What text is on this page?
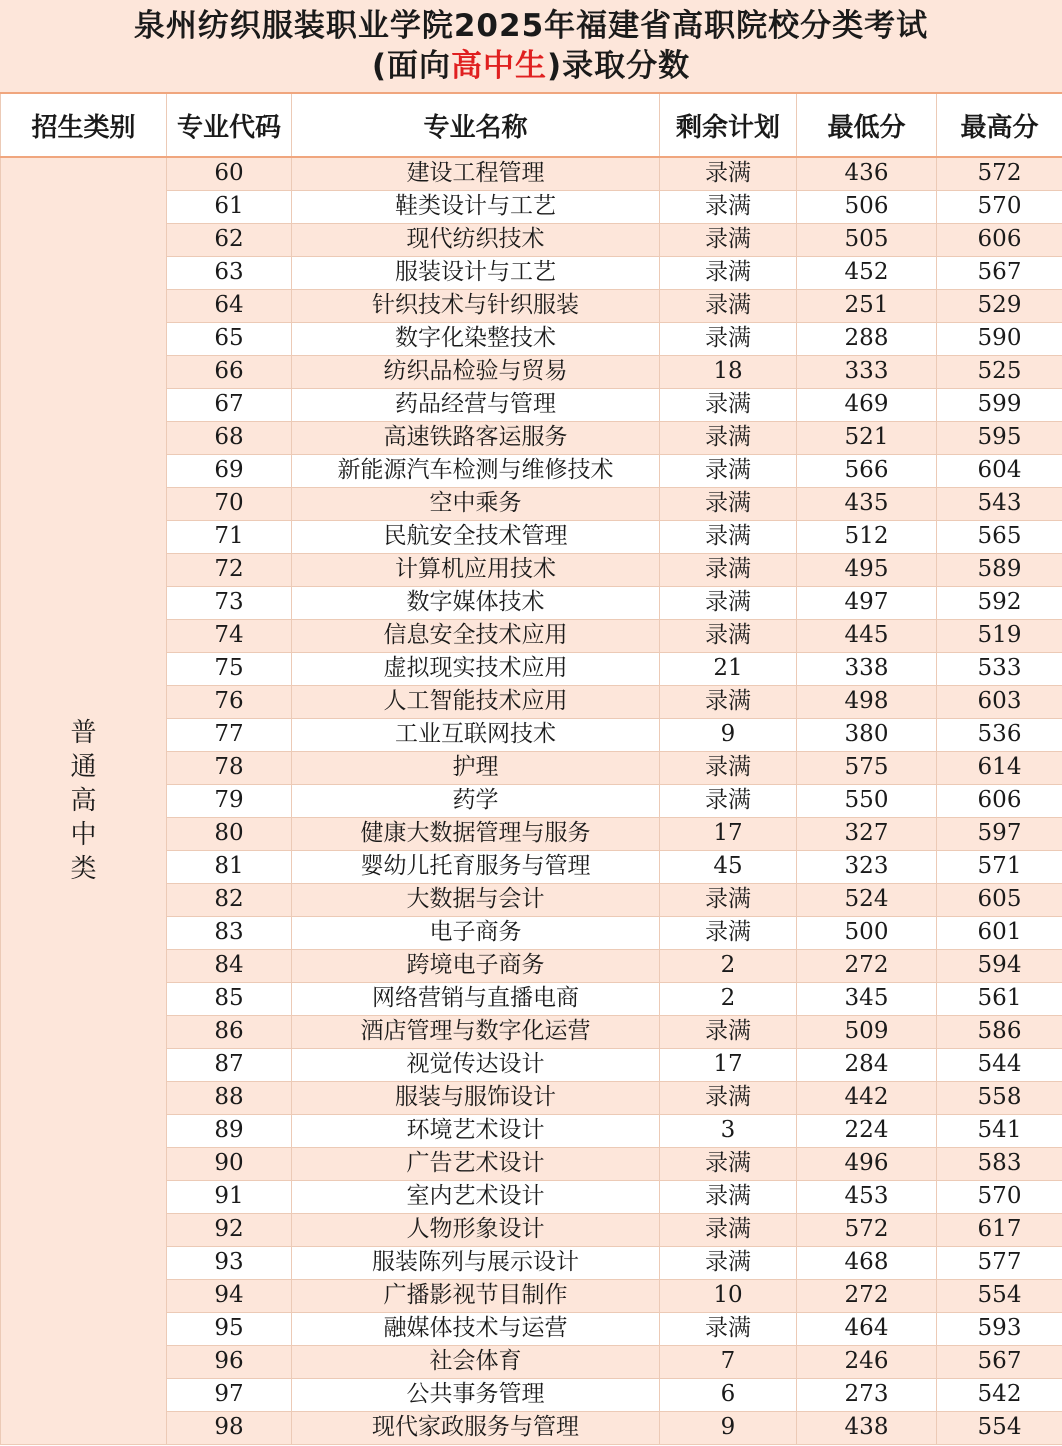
泉州纺织服装职业学院2025年福建省高职院校分类考试
(面向高中生)录取分数
招生类别	专业代码	专业名称	剩余计划	最低分	最高分
普通高中类	60	建设工程管理	录满	436	572
	61	鞋类设计与工艺	录满	506	570
	62	现代纺织技术	录满	505	606
	63	服装设计与工艺	录满	452	567
	64	针织技术与针织服装	录满	251	529
	65	数字化染整技术	录满	288	590
	66	纺织品检验与贸易	18	333	525
	67	药品经营与管理	录满	469	599
	68	高速铁路客运服务	录满	521	595
	69	新能源汽车检测与维修技术	录满	566	604
	70	空中乘务	录满	435	543
	71	民航安全技术管理	录满	512	565
	72	计算机应用技术	录满	495	589
	73	数字媒体技术	录满	497	592
	74	信息安全技术应用	录满	445	519
	75	虚拟现实技术应用	21	338	533
	76	人工智能技术应用	录满	498	603
	77	工业互联网技术	9	380	536
	78	护理	录满	575	614
	79	药学	录满	550	606
	80	健康大数据管理与服务	17	327	597
	81	婴幼儿托育服务与管理	45	323	571
	82	大数据与会计	录满	524	605
	83	电子商务	录满	500	601
	84	跨境电子商务	2	272	594
	85	网络营销与直播电商	2	345	561
	86	酒店管理与数字化运营	录满	509	586
	87	视觉传达设计	17	284	544
	88	服装与服饰设计	录满	442	558
	89	环境艺术设计	3	224	541
	90	广告艺术设计	录满	496	583
	91	室内艺术设计	录满	453	570
	92	人物形象设计	录满	572	617
	93	服装陈列与展示设计	录满	468	577
	94	广播影视节目制作	10	272	554
	95	融媒体技术与运营	录满	464	593
	96	社会体育	7	246	567
	97	公共事务管理	6	273	542
	98	现代家政服务与管理	9	438	554
